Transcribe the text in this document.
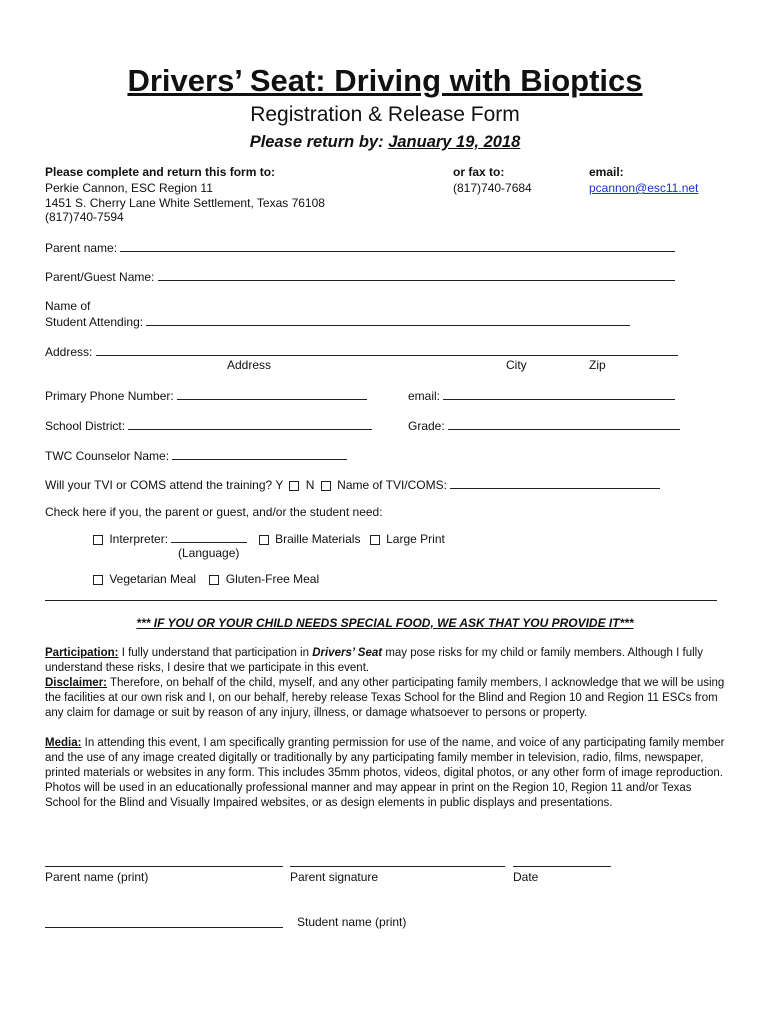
Drivers’ Seat: Driving with Bioptics
Registration & Release Form
Please return by: January 19, 2018
Please complete and return this form to:
Perkie Cannon, ESC Region 11
1451 S. Cherry Lane White Settlement, Texas 76108
(817)740-7594
or fax to:
(817)740-7684
email:
pcannon@esc11.net
Parent name:
Parent/Guest Name:
Name of
Student Attending:
Address:
Address	City	Zip
Primary Phone Number:	email:
School District:	Grade:
TWC Counselor Name:
Will your TVI or COMS attend the training? Y N Name of TVI/COMS:
Check here if you, the parent or guest, and/or the student need:
Interpreter:	Braille Materials Large Print
(Language)
Vegetarian Meal Gluten-Free Meal
*** IF YOU OR YOUR CHILD NEEDS SPECIAL FOOD, WE ASK THAT YOU PROVIDE IT***
Participation: I fully understand that participation in Drivers’ Seat may pose risks for my child or family members. Although I fully understand these risks, I desire that we participate in this event.
Disclaimer: Therefore, on behalf of the child, myself, and any other participating family members, I acknowledge that we will be using the facilities at our own risk and I, on our behalf, hereby release Texas School for the Blind and Region 10 and Region 11 ESCs from any claim for damage or suit by reason of any injury, illness, or damage whatsoever to persons or property.
Media: In attending this event, I am specifically granting permission for use of the name, and voice of any participating family member and the use of any image created digitally or traditionally by any participating family member in television, radio, films, newspaper, printed materials or websites in any form. This includes 35mm photos, videos, digital photos, or any other form of image reproduction. Photos will be used in an educationally professional manner and may appear in print on the Region 10, Region 11 and/or Texas School for the Blind and Visually Impaired websites, or as design elements in public displays and presentations.
Parent name (print)	Parent signature	Date
Student name (print)
